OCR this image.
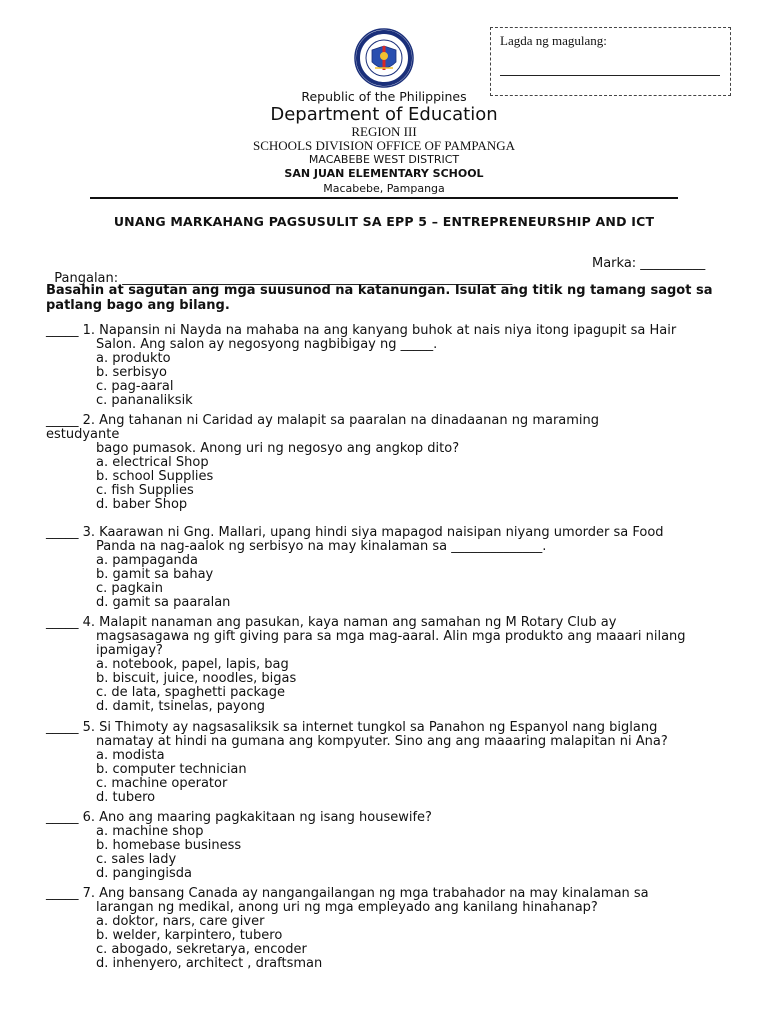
Lagda ng magulang:
Republic of the Philippines
Department of Education
REGION III
SCHOOLS DIVISION OFFICE OF PAMPANGA
MACABEBE WEST DISTRICT
SAN JUAN ELEMENTARY SCHOOL
Macabebe, Pampanga
UNANG MARKAHANG PAGSUSULIT SA EPP 5 – ENTREPRENEURSHIP AND ICT

Pangalan: ____________________________________________________________

Marka: __________

Basahin at sagutan ang mga suusunod na katanungan. Isulat ang titik ng tamang sagot sa patlang bago ang bilang.
_____ 1. Napansin ni Nayda na mahaba na ang kanyang buhok at nais niya itong ipagupit sa Hair
Salon. Ang salon ay negosyong nagbibigay ng _____.
a. produkto
b. serbisyo
c. pag-aaral
c. pananaliksik
_____ 2. Ang tahanan ni Caridad ay malapit sa paaralan na dinadaanan ng maraming
estudyante
bago pumasok. Anong uri ng negosyo ang angkop dito?
a. electrical Shop
b. school Supplies
c. fish Supplies
d. baber Shop
_____ 3. Kaarawan ni Gng. Mallari, upang hindi siya mapagod naisipan niyang umorder sa Food
Panda na nag-aalok ng serbisyo na may kinalaman sa ______________.
a. pampaganda
b. gamit sa bahay
c. pagkain
d. gamit sa paaralan
_____ 4. Malapit nanaman ang pasukan, kaya naman ang samahan ng M Rotary Club ay
magsasagawa ng gift giving para sa mga mag-aaral. Alin mga produkto ang maaari nilang
ipamigay?
a. notebook, papel, lapis, bag
b. biscuit, juice, noodles, bigas
c. de lata, spaghetti package
d. damit, tsinelas, payong
_____ 5. Si Thimoty ay nagsasaliksik sa internet tungkol sa Panahon ng Espanyol nang biglang
namatay at hindi na gumana ang kompyuter. Sino ang ang maaaring malapitan ni Ana?
a. modista
b. computer technician
c. machine operator
d. tubero
_____ 6. Ano ang maaring pagkakitaan ng isang housewife?
a. machine shop
b. homebase business
c. sales lady
d. pangingisda
_____ 7. Ang bansang Canada ay nangangailangan ng mga trabahador na may kinalaman sa
larangan ng medikal, anong uri ng mga empleyado ang kanilang hinahanap?
a. doktor, nars, care giver
b. welder, karpintero, tubero
c. abogado, sekretarya, encoder
d. inhenyero, architect , draftsman
